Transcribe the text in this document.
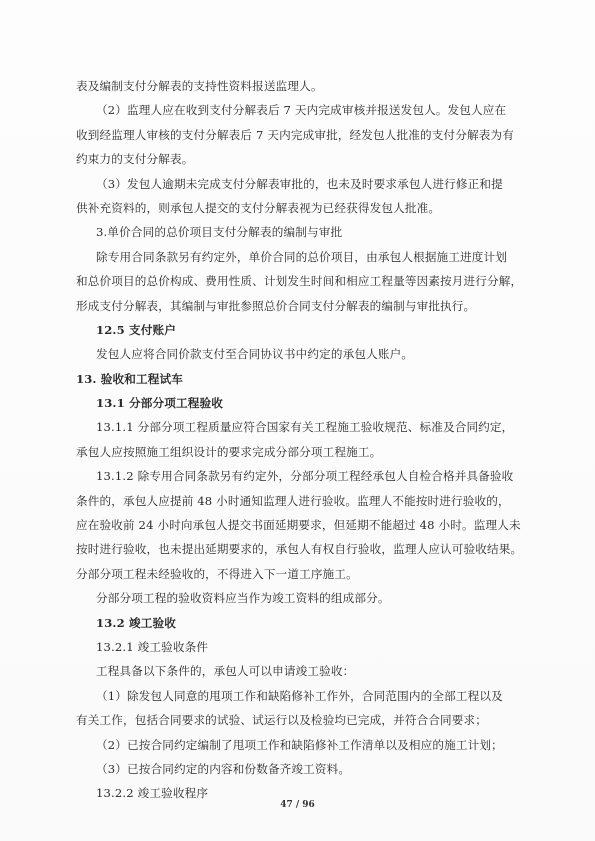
表及编制支付分解表的支持性资料报送监理人。
（2）监理人应在收到支付分解表后 7 天内完成审核并报送发包人。发包人应在
收到经监理人审核的支付分解表后 7 天内完成审批，经发包人批准的支付分解表为有
约束力的支付分解表。
（3）发包人逾期未完成支付分解表审批的，也未及时要求承包人进行修正和提
供补充资料的，则承包人提交的支付分解表视为已经获得发包人批准。
3.单价合同的总价项目支付分解表的编制与审批
除专用合同条款另有约定外，单价合同的总价项目，由承包人根据施工进度计划
和总价项目的总价构成、费用性质、计划发生时间和相应工程量等因素按月进行分解，
形成支付分解表，其编制与审批参照总价合同支付分解表的编制与审批执行。
12.5 支付账户
发包人应将合同价款支付至合同协议书中约定的承包人账户。
13. 验收和工程试车
13.1 分部分项工程验收
13.1.1 分部分项工程质量应符合国家有关工程施工验收规范、标准及合同约定，
承包人应按照施工组织设计的要求完成分部分项工程施工。
13.1.2 除专用合同条款另有约定外，分部分项工程经承包人自检合格并具备验收
条件的，承包人应提前 48 小时通知监理人进行验收。监理人不能按时进行验收的，
应在验收前 24 小时向承包人提交书面延期要求，但延期不能超过 48 小时。监理人未
按时进行验收，也未提出延期要求的，承包人有权自行验收，监理人应认可验收结果。
分部分项工程未经验收的，不得进入下一道工序施工。
分部分项工程的验收资料应当作为竣工资料的组成部分。
13.2 竣工验收
13.2.1 竣工验收条件
工程具备以下条件的，承包人可以申请竣工验收：
（1）除发包人同意的甩项工作和缺陷修补工作外，合同范围内的全部工程以及
有关工作，包括合同要求的试验、试运行以及检验均已完成，并符合合同要求；
（2）已按合同约定编制了甩项工作和缺陷修补工作清单以及相应的施工计划；
（3）已按合同约定的内容和份数备齐竣工资料。
13.2.2 竣工验收程序
47 / 96
